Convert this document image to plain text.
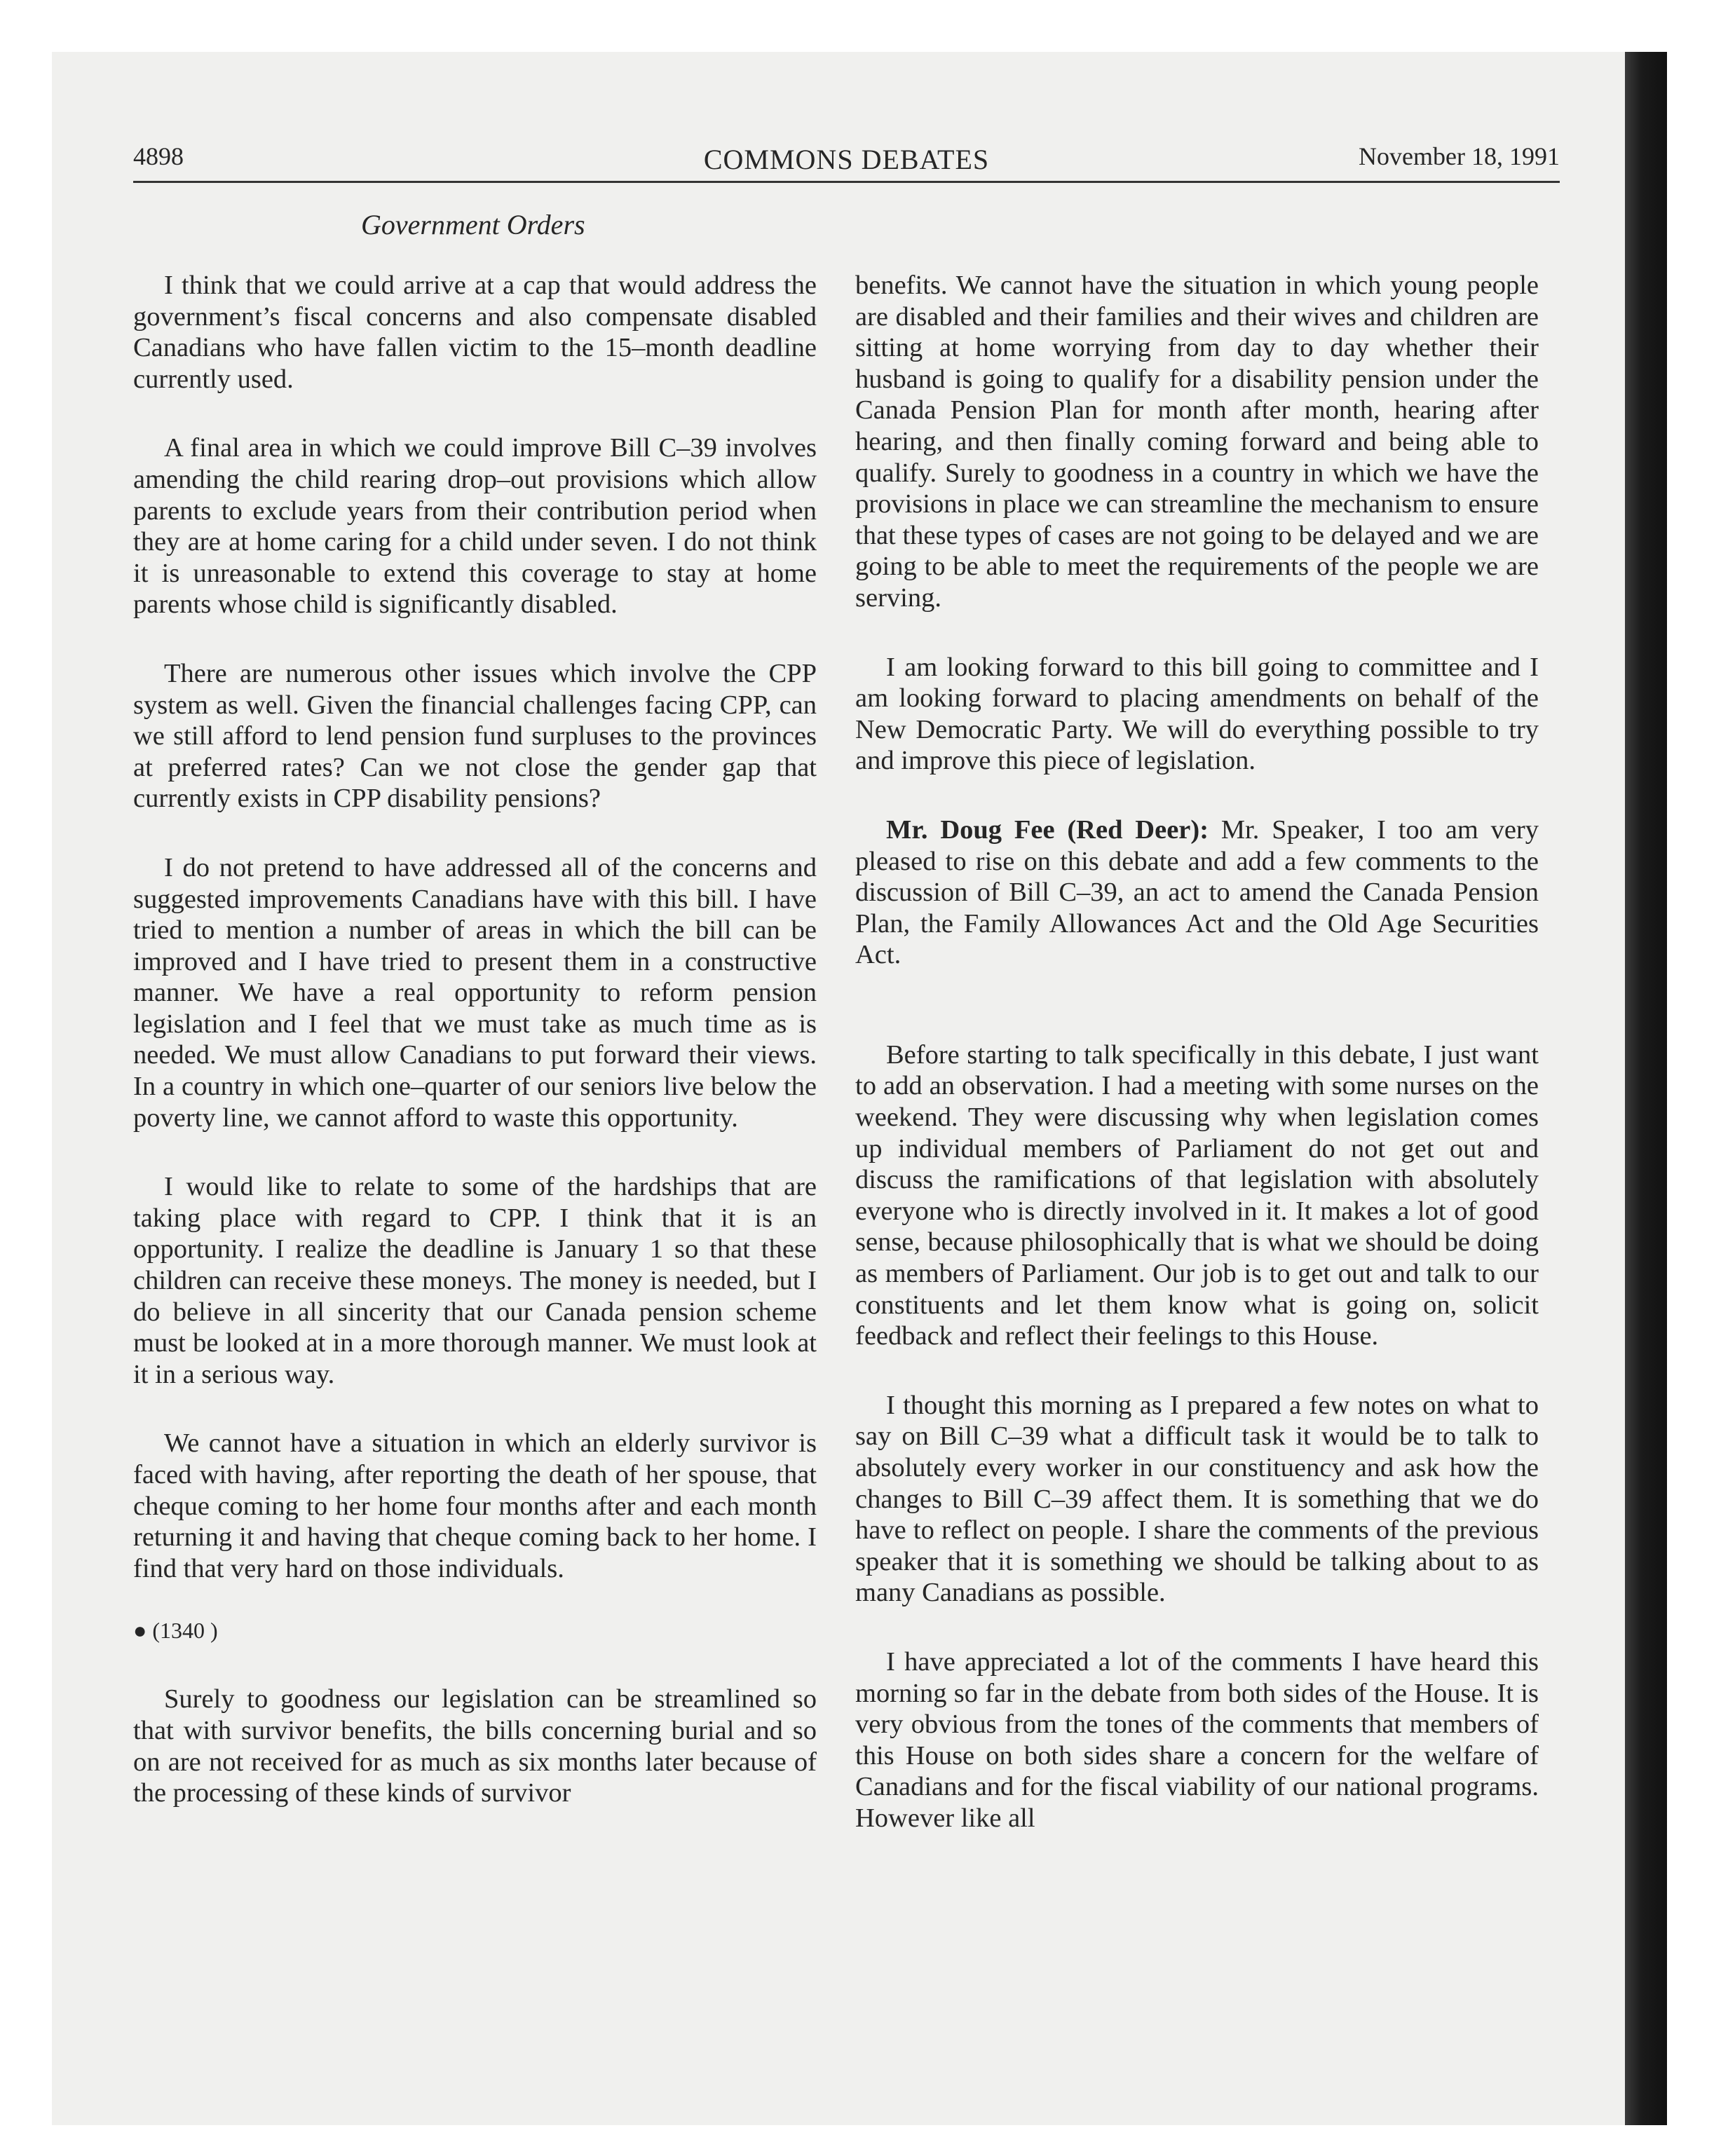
4898	COMMONS DEBATES	November 18, 1991
Government Orders

I think that we could arrive at a cap that would address the government’s fiscal concerns and also compensate disabled Canadians who have fallen victim to the 15–month deadline currently used.

A final area in which we could improve Bill C–39 involves amending the child rearing drop–out provisions which allow parents to exclude years from their contribution period when they are at home caring for a child under seven. I do not think it is unreasonable to extend this coverage to stay at home parents whose child is significantly disabled.

There are numerous other issues which involve the CPP system as well. Given the financial challenges facing CPP, can we still afford to lend pension fund surpluses to the provinces at preferred rates? Can we not close the gender gap that currently exists in CPP disability pensions?

I do not pretend to have addressed all of the concerns and suggested improvements Canadians have with this bill. I have tried to mention a number of areas in which the bill can be improved and I have tried to present them in a constructive manner. We have a real opportunity to reform pension legislation and I feel that we must take as much time as is needed. We must allow Canadians to put forward their views. In a country in which one–quarter of our seniors live below the poverty line, we cannot afford to waste this opportunity.

I would like to relate to some of the hardships that are taking place with regard to CPP. I think that it is an opportunity. I realize the deadline is January 1 so that these children can receive these moneys. The money is needed, but I do believe in all sincerity that our Canada pension scheme must be looked at in a more thorough manner. We must look at it in a serious way.

We cannot have a situation in which an elderly survivor is faced with having, after reporting the death of her spouse, that cheque coming to her home four months after and each month returning it and having that cheque coming back to her home. I find that very hard on those individuals.

● (1340 )

Surely to goodness our legislation can be streamlined so that with survivor benefits, the bills concerning burial and so on are not received for as much as six months later because of the processing of these kinds of survivor

benefits. We cannot have the situation in which young people are disabled and their families and their wives and children are sitting at home worrying from day to day whether their husband is going to qualify for a disability pension under the Canada Pension Plan for month after month, hearing after hearing, and then finally coming forward and being able to qualify. Surely to goodness in a country in which we have the provisions in place we can streamline the mechanism to ensure that these types of cases are not going to be delayed and we are going to be able to meet the requirements of the people we are serving.

I am looking forward to this bill going to committee and I am looking forward to placing amendments on behalf of the New Democratic Party. We will do everything possible to try and improve this piece of legislation.

Mr. Doug Fee (Red Deer): Mr. Speaker, I too am very pleased to rise on this debate and add a few comments to the discussion of Bill C–39, an act to amend the Canada Pension Plan, the Family Allowances Act and the Old Age Securities Act.

Before starting to talk specifically in this debate, I just want to add an observation. I had a meeting with some nurses on the weekend. They were discussing why when legislation comes up individual members of Parliament do not get out and discuss the ramifications of that legislation with absolutely everyone who is directly involved in it. It makes a lot of good sense, because philosophically that is what we should be doing as members of Parliament. Our job is to get out and talk to our constituents and let them know what is going on, solicit feedback and reflect their feelings to this House.

I thought this morning as I prepared a few notes on what to say on Bill C–39 what a difficult task it would be to talk to absolutely every worker in our constituency and ask how the changes to Bill C–39 affect them. It is something that we do have to reflect on people. I share the comments of the previous speaker that it is something we should be talking about to as many Canadians as possible.

I have appreciated a lot of the comments I have heard this morning so far in the debate from both sides of the House. It is very obvious from the tones of the comments that members of this House on both sides share a concern for the welfare of Canadians and for the fiscal viability of our national programs. However like all
